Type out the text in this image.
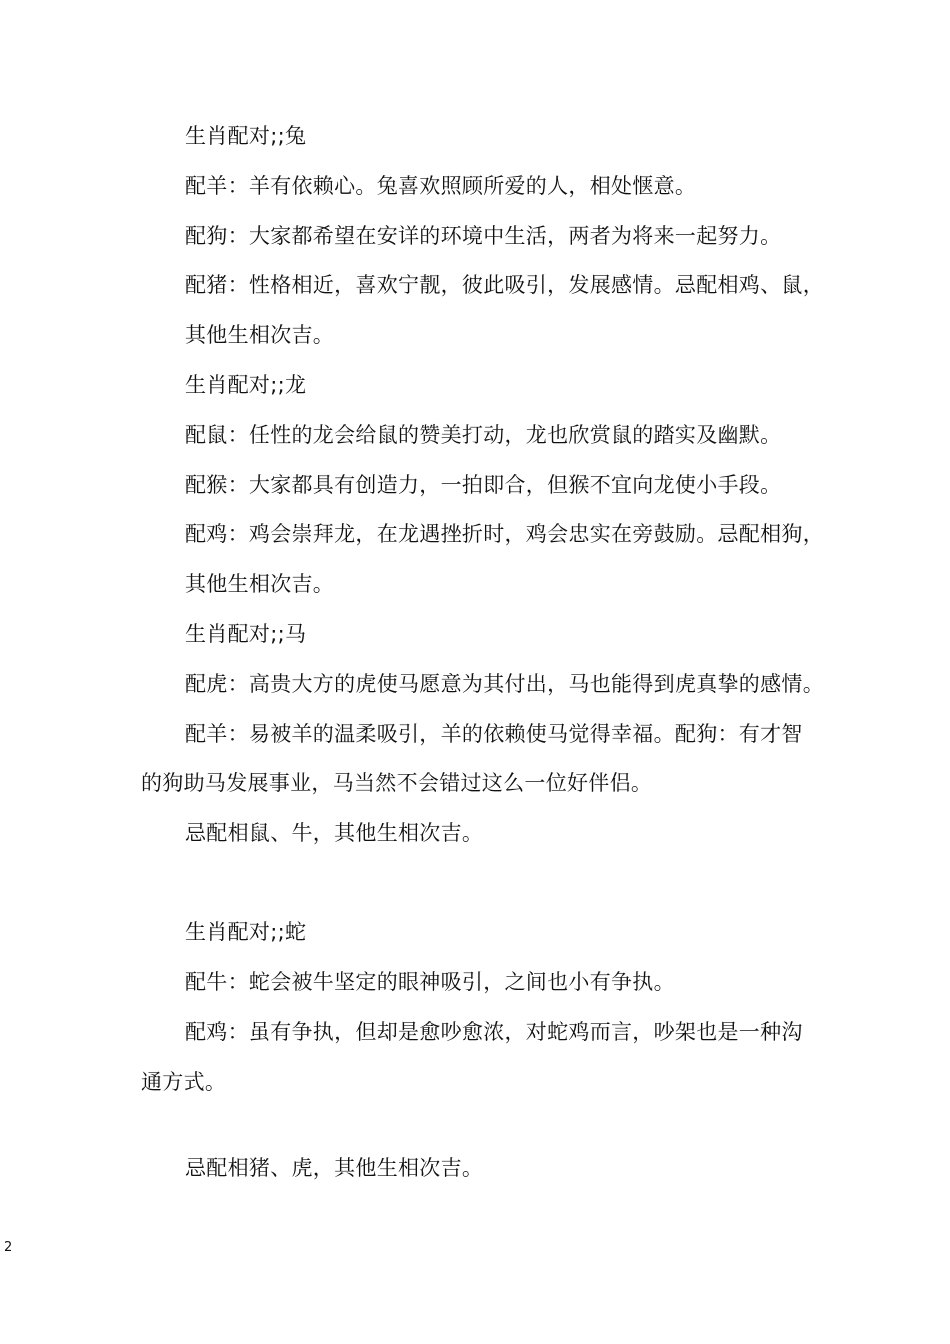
生肖配对;;兔
配羊：羊有依赖心。兔喜欢照顾所爱的人，相处惬意。
配狗：大家都希望在安详的环境中生活，两者为将来一起努力。
配猪：性格相近，喜欢宁靓，彼此吸引，发展感情。忌配相鸡、鼠，
其他生相次吉。
生肖配对;;龙
配鼠：任性的龙会给鼠的赞美打动，龙也欣赏鼠的踏实及幽默。
配猴：大家都具有创造力，一拍即合，但猴不宜向龙使小手段。
配鸡：鸡会崇拜龙，在龙遇挫折时，鸡会忠实在旁鼓励。忌配相狗，
其他生相次吉。
生肖配对;;马
配虎：高贵大方的虎使马愿意为其付出，马也能得到虎真挚的感情。
配羊：易被羊的温柔吸引，羊的依赖使马觉得幸福。配狗：有才智
的狗助马发展事业，马当然不会错过这么一位好伴侣。
忌配相鼠、牛，其他生相次吉。
生肖配对;;蛇
配牛：蛇会被牛坚定的眼神吸引，之间也小有争执。
配鸡：虽有争执，但却是愈吵愈浓，对蛇鸡而言，吵架也是一种沟
通方式。
忌配相猪、虎，其他生相次吉。
2
